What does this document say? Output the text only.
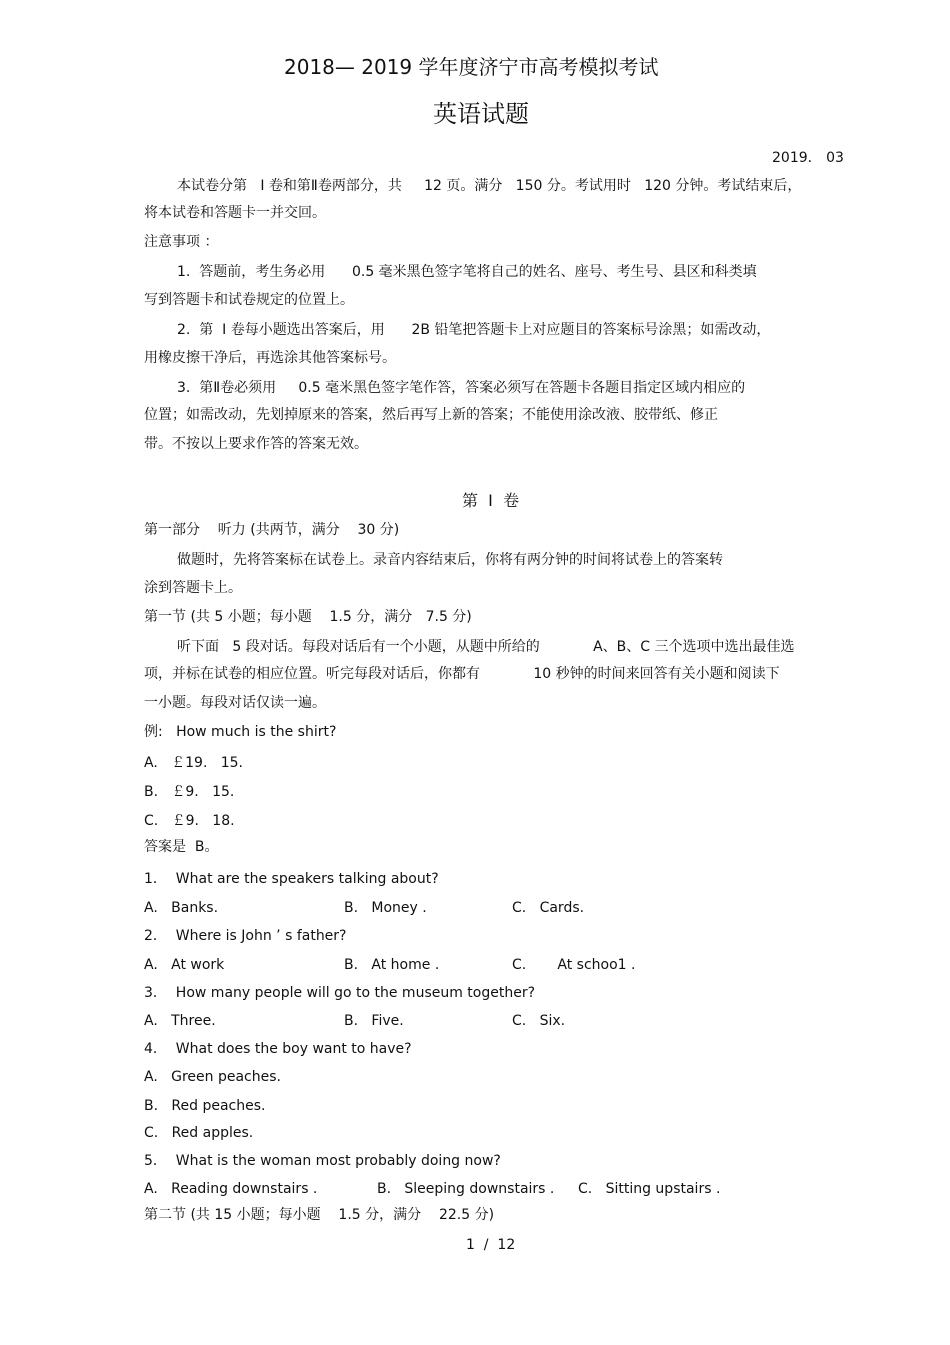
2018— 2019 学年度济宁市高考模拟考试
英语试题
2019． 03
本试卷分第   I 卷和第Ⅱ卷两部分，共     12 页。满分   150 分。考试用时   120 分钟。考试结束后，
将本试卷和答题卡一并交回。
注意事项 ：
1.  答题前，考生务必用      0.5 毫米黑色签字笔将自己的姓名、座号、考生号、县区和科类填
写到答题卡和试卷规定的位置上。
2.  第  I 卷每小题选出答案后，用      2B 铅笔把答题卡上对应题目的答案标号涂黑；如需改动，
用橡皮擦干净后，再选涂其他答案标号。
3.  第Ⅱ卷必须用     0.5 毫米黑色签字笔作答，答案必须写在答题卡各题目指定区域内相应的
位置；如需改动，先划掉原来的答案，然后再写上新的答案；不能使用涂改液、胶带纸、修正
带。不按以上要求作答的答案无效。
第  I  卷
第一部分    听力 (共两节，满分    30 分)
做题时，先将答案标在试卷上。录音内容结束后，你将有两分钟的时间将试卷上的答案转
涂到答题卡上。
第一节 (共 5 小题；每小题    1.5 分，满分   7.5 分)
听下面   5 段对话。每段对话后有一个小题，从题中所给的            A、B、C 三个选项中选出最佳选
项，并标在试卷的相应位置。听完每段对话后，你都有            10 秒钟的时间来回答有关小题和阅读下
一小题。每段对话仅读一遍。
例:   How much is the shirt?
A.   ￡19.   15.
B.   ￡9.   15.
C.   ￡9.   18.
答案是  B。
1．  What are the speakers talking about?
A.   Banks.	B.   Money .	C.   Cards.
2．  Where is John ’ s father?
A.   At work	B.   At home .	C.       At schoo1 .
3．  How many people will go to the museum together?
A.   Three.	B.   Five.	C.   Six.
4．  What does the boy want to have?
A.   Green peaches.
B.   Red peaches.
C.   Red apples.
5．  What is the woman most probably doing now?
A.   Reading downstairs .	B.   Sleeping downstairs . C.   Sitting upstairs .
第二节 (共 15 小题；每小题    1.5 分，满分    22.5 分)
1  /  12
